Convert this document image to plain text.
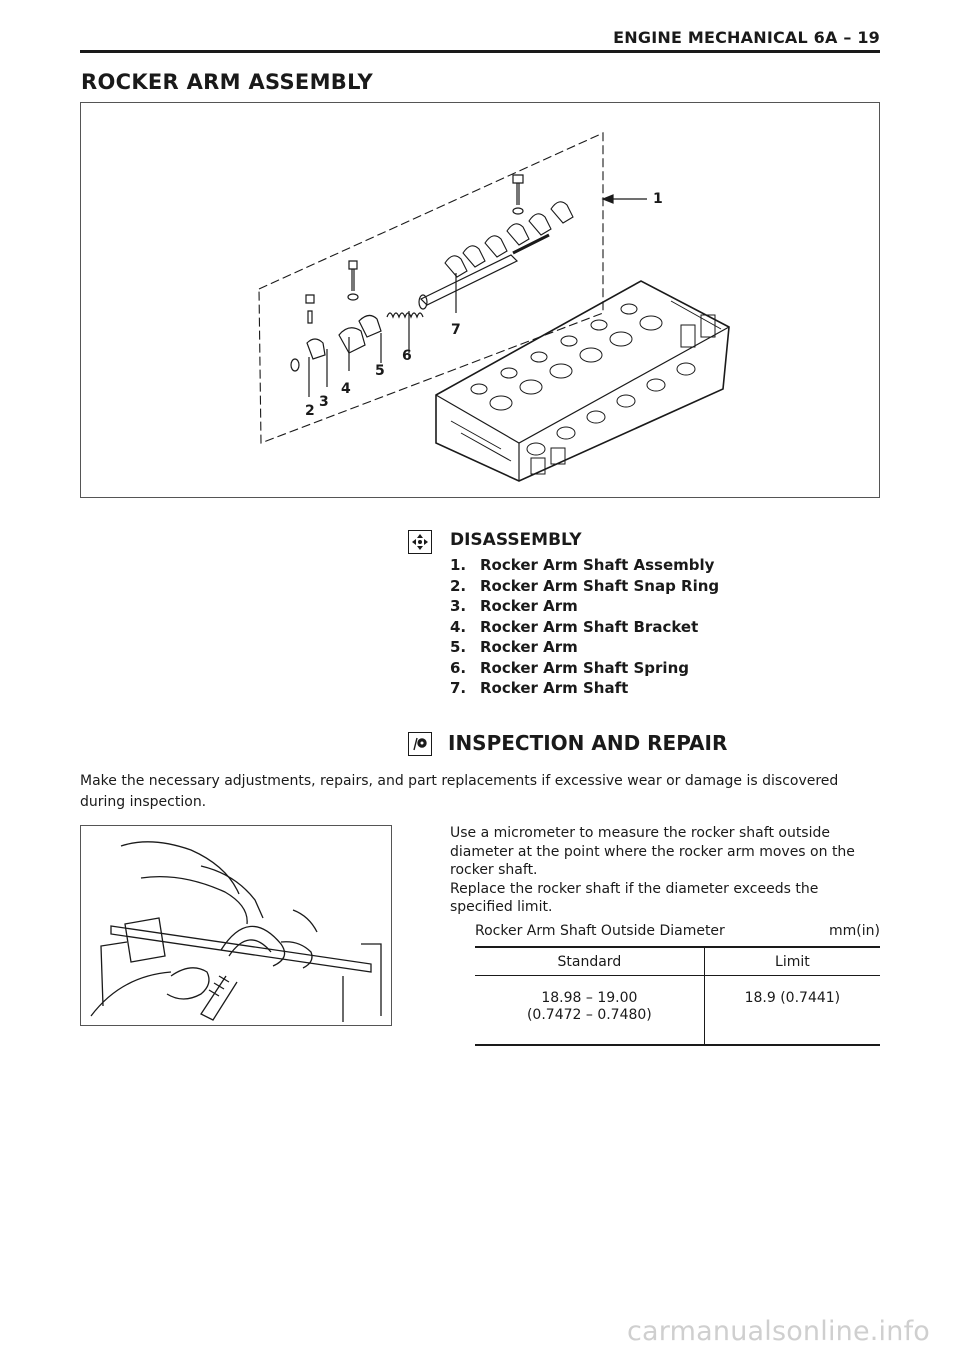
ENGINE MECHANICAL 6A – 19
ROCKER ARM ASSEMBLY
1
2
3
4
5
6
7
DISASSEMBLY
1. Rocker Arm Shaft Assembly
2. Rocker Arm Shaft Snap Ring
3. Rocker Arm
4. Rocker Arm Shaft Bracket
5. Rocker Arm
6. Rocker Arm Shaft Spring
7. Rocker Arm Shaft
INSPECTION AND REPAIR
Make the necessary adjustments, repairs, and part replacements if excessive wear or damage is discovered during inspection.

Use a micrometer to measure the rocker shaft outside diameter at the point where the rocker arm moves on the rocker shaft.

Replace the rocker shaft if the diameter exceeds the specified limit.

Rocker Arm Shaft Outside Diameter	mm(in)
Standard	Limit

18.98 – 19.00
(0.7472 – 0.7480)	18.9 (0.7441)
carmanualsonline.info
